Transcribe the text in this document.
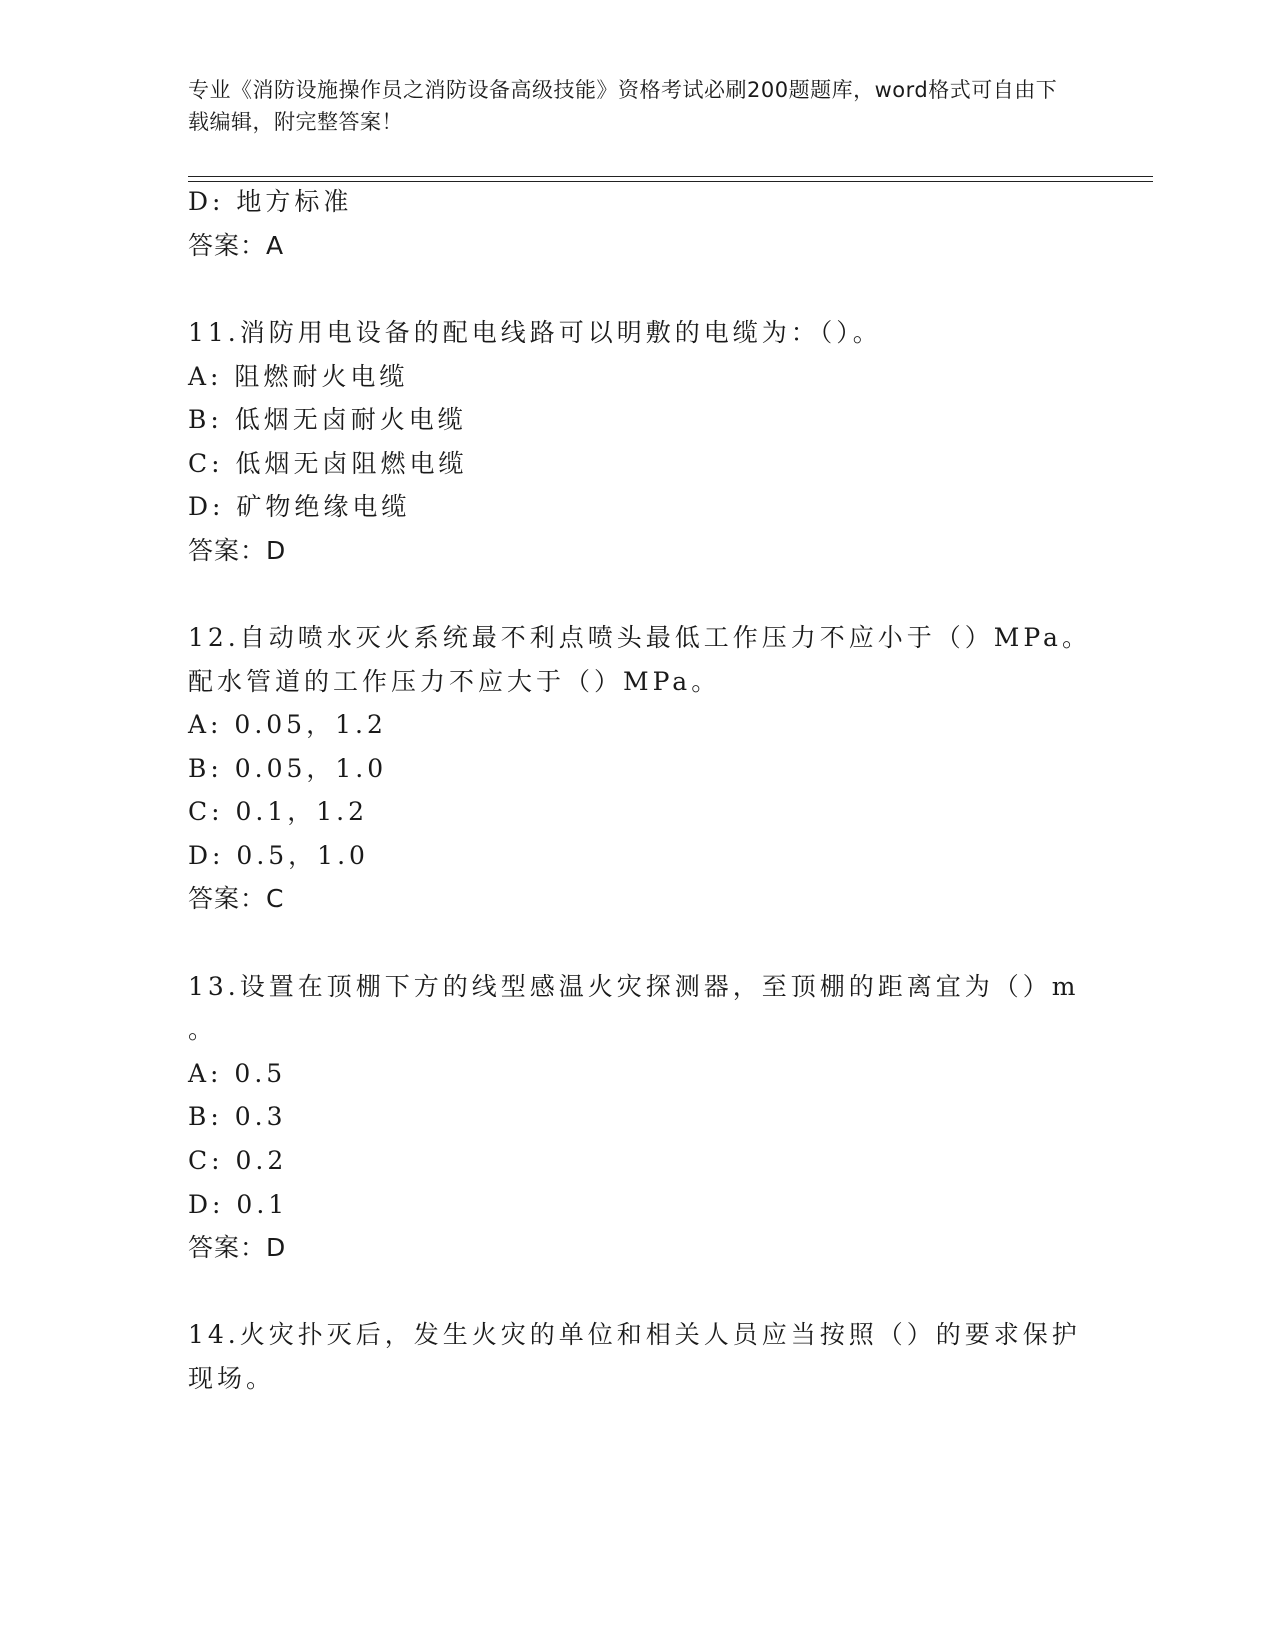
专业《消防设施操作员之消防设备高级技能》资格考试必刷200题题库，word格式可自由下载编辑，附完整答案！
D: 地方标准
答案：A
11.消防用电设备的配电线路可以明敷的电缆为：（）。
A: 阻燃耐火电缆
B: 低烟无卤耐火电缆
C: 低烟无卤阻燃电缆
D: 矿物绝缘电缆
答案：D
12.自动喷水灭火系统最不利点喷头最低工作压力不应小于（）MPa。
配水管道的工作压力不应大于（）MPa。
A: 0.05，1.2
B: 0.05，1.0
C: 0.1，1.2
D: 0.5，1.0
答案：C
13.设置在顶棚下方的线型感温火灾探测器，至顶棚的距离宜为（）m
。
A: 0.5
B: 0.3
C: 0.2
D: 0.1
答案：D
14.火灾扑灭后，发生火灾的单位和相关人员应当按照（）的要求保护
现场。
